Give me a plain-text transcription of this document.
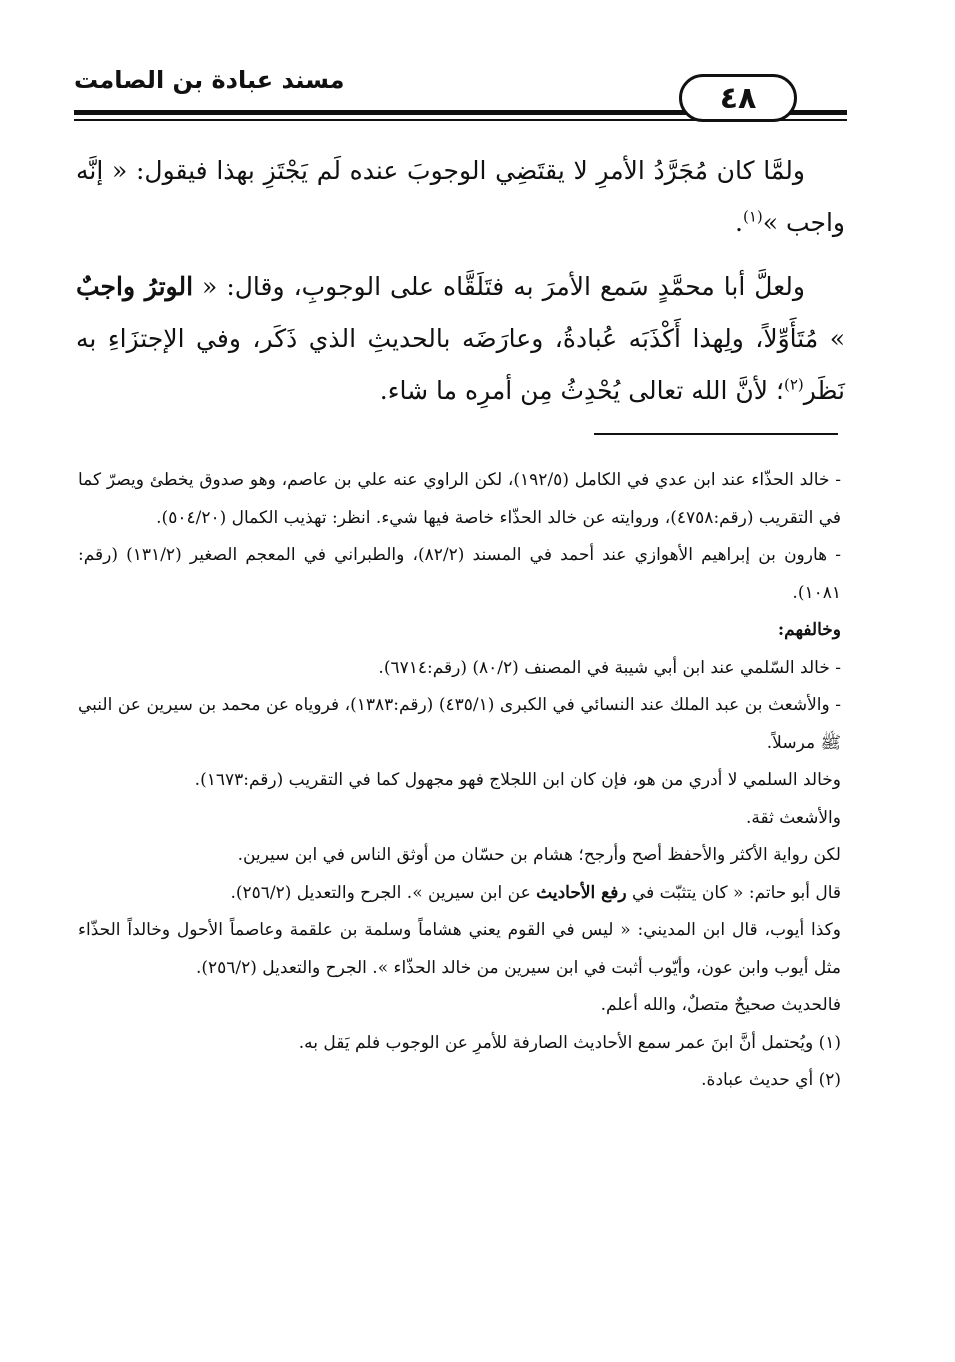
مسند عبادة بن الصامت
٤٨

ولمَّا كان مُجَرَّدُ الأمرِ لا يقتَضِي الوجوبَ عنده لَم يَجْتَزِ بهذا فيقول: « إنَّه واجب »$^{(١)}$.

ولعلَّ أبا محمَّدٍ سَمع الأمرَ به فتَلَقَّاه على الوجوبِ، وقال: « الوترُ واجبٌ » مُتَأَوِّلاً، ولِهذا أَكْذَبَه عُبادةُ، وعارَضَه بالحديثِ الذي ذَكَر، وفي الإجتزَاءِ به نَظَر$^{(٢)}$؛ لأنَّ الله تعالى يُحْدِثُ مِن أمرِه ما شاء.

- خالد الحذّاء عند ابن عدي في الكامل (١٩٢/٥)، لكن الراوي عنه علي بن عاصم، وهو صدوق يخطئ ويصرّ كما في التقريب (رقم:٤٧٥٨)، وروايته عن خالد الحذّاء خاصة فيها شيء. انظر: تهذيب الكمال (٥٠٤/٢٠).

- هارون بن إبراهيم الأهوازي عند أحمد في المسند (٨٢/٢)، والطبراني في المعجم الصغير (١٣١/٢) (رقم: ١٠٨١).

وخالفهم:

- خالد السّلمي عند ابن أبي شيبة في المصنف (٨٠/٢) (رقم:٦٧١٤).

- والأشعث بن عبد الملك عند النسائي في الكبرى (٤٣٥/١) (رقم:١٣٨٣)، فروياه عن محمد بن سيرين عن النبي ﷺ مرسلاً.

وخالد السلمي لا أدري من هو، فإن كان ابن اللجلاج فهو مجهول كما في التقريب (رقم:١٦٧٣).

والأشعث ثقة.

لكن رواية الأكثر والأحفظ أصح وأرجح؛ هشام بن حسّان من أوثق الناس في ابن سيرين.

قال أبو حاتم: « كان يتثبّت في رفع الأحاديث عن ابن سيرين ». الجرح والتعديل (٢٥٦/٢).

وكذا أيوب، قال ابن المديني: « ليس في القوم يعني هشاماً وسلمة بن علقمة وعاصماً الأحول وخالداً الحذّاء مثل أيوب وابن عون، وأيّوب أثبت في ابن سيرين من خالد الحذّاء ». الجرح والتعديل (٢٥٦/٢).

فالحديث صحيحٌ متصلٌ، والله أعلم.

(١) ويُحتمل أنَّ ابنَ عمر سمع الأحاديث الصارفة للأمرِ عن الوجوب فلم يَقل به.

(٢) أي حديث عبادة.
